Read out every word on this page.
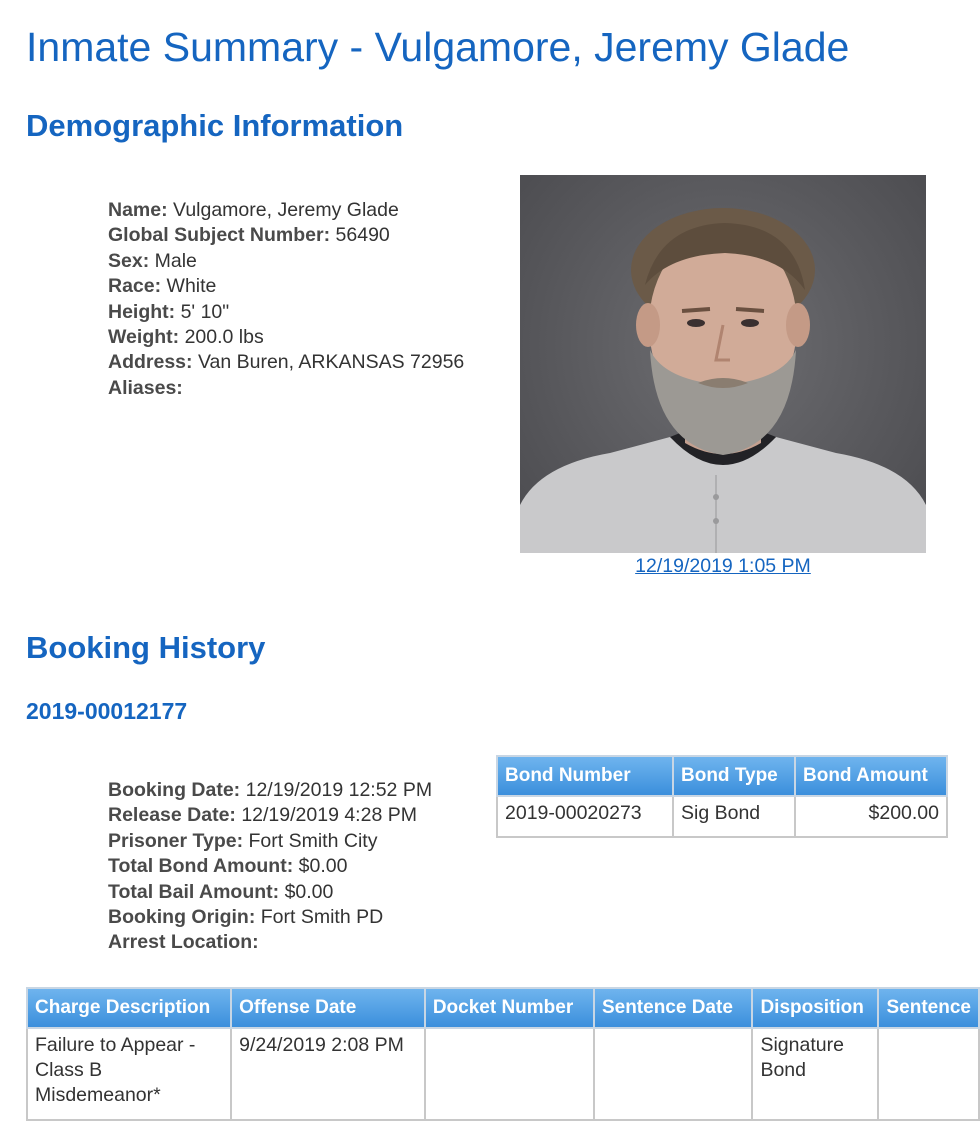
Inmate Summary - Vulgamore, Jeremy Glade
Demographic Information
Name: Vulgamore, Jeremy Glade
Global Subject Number: 56490
Sex: Male
Race: White
Height: 5' 10"
Weight: 200.0 lbs
Address: Van Buren, ARKANSAS 72956
Aliases:
12/19/2019 1:05 PM
Booking History
2019-00012177
Booking Date: 12/19/2019 12:52 PM
Release Date: 12/19/2019 4:28 PM
Prisoner Type: Fort Smith City
Total Bond Amount: $0.00
Total Bail Amount: $0.00
Booking Origin: Fort Smith PD
Arrest Location:
Bond Number	Bond Type	Bond Amount
2019-00020273	Sig Bond	$200.00
Charge Description	Offense Date	Docket Number	Sentence Date	Disposition	Sentence
Failure to Appear - Class B Misdemeanor*	9/24/2019 2:08 PM			Signature Bond	
